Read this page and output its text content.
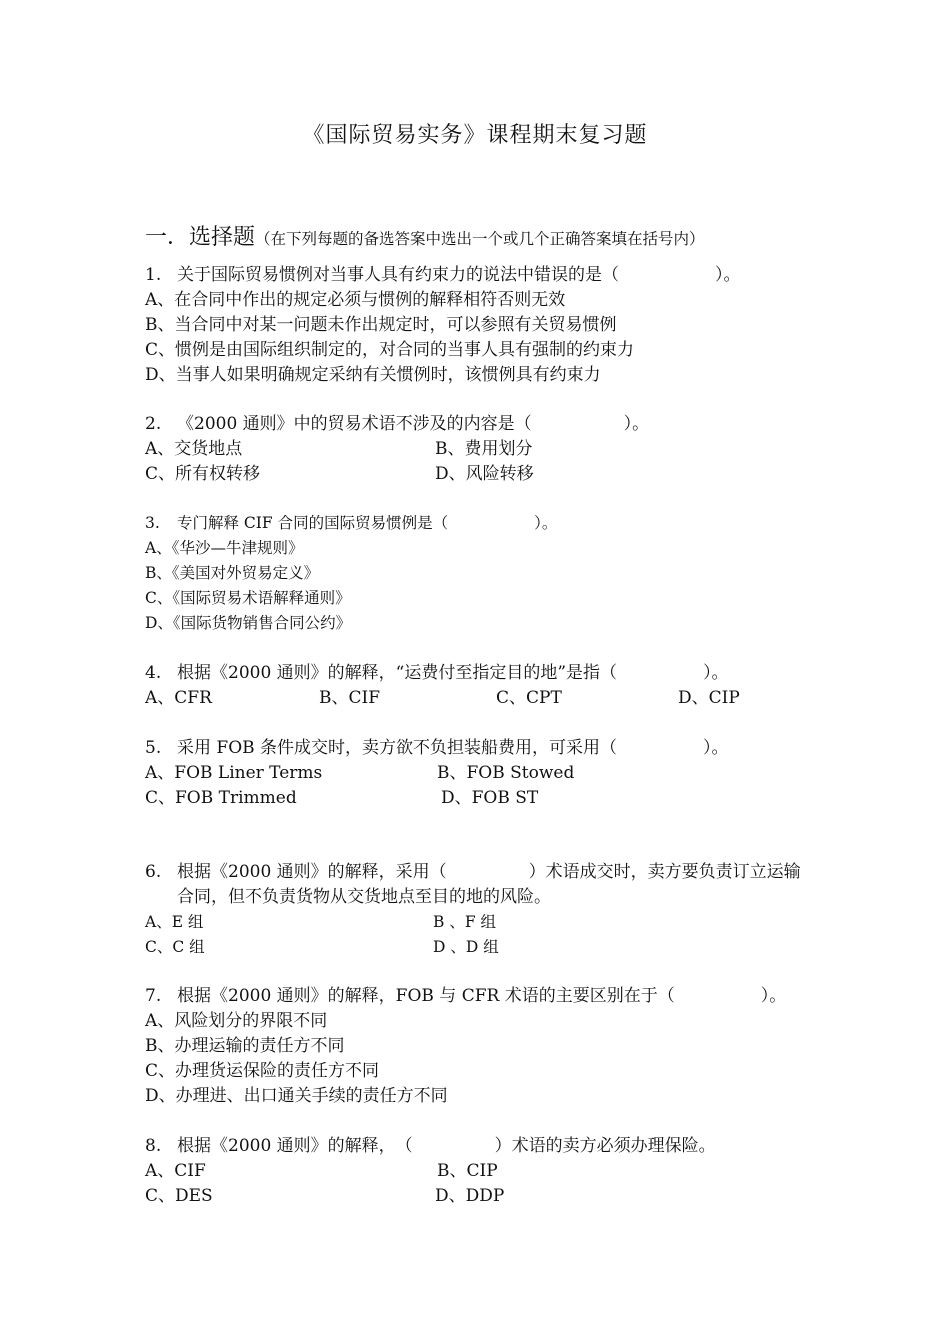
《国际贸易实务》课程期末复习题
一．选择题（在下列每题的备选答案中选出一个或几个正确答案填在括号内）
1. 关于国际贸易惯例对当事人具有约束力的说法中错误的是（	）。
A、在合同中作出的规定必须与惯例的解释相符否则无效
B、当合同中对某一问题未作出规定时，可以参照有关贸易惯例
C、惯例是由国际组织制定的，对合同的当事人具有强制的约束力
D、当事人如果明确规定采纳有关惯例时，该惯例具有约束力
2. 《2000 通则》中的贸易术语不涉及的内容是（	）。
A、交货地点	B、费用划分
C、所有权转移	D、风险转移
3. 专门解释 CIF 合同的国际贸易惯例是（	）。
A、《华沙—牛津规则》
B、《美国对外贸易定义》
C、《国际贸易术语解释通则》
D、《国际货物销售合同公约》
4. 根据《2000 通则》的解释，“运费付至指定目的地”是指（	）。
A、CFR	B、CIF	C、CPT	D、CIP
5. 采用 FOB 条件成交时，卖方欲不负担装船费用，可采用（	）。
A、FOB Liner Terms	B、FOB Stowed
C、FOB Trimmed	D、FOB ST
6. 根据《2000 通则》的解释，采用（	）术语成交时，卖方要负责订立运输合同，但不负责货物从交货地点至目的地的风险。
A、E 组	B 、F 组
C、C 组	D 、D 组
7. 根据《2000 通则》的解释，FOB 与 CFR 术语的主要区别在于（	）。
A、风险划分的界限不同
B、办理运输的责任方不同
C、办理货运保险的责任方不同
D、办理进、出口通关手续的责任方不同
8. 根据《2000 通则》的解释，　（	）术语的卖方必须办理保险。
A、CIF	B、CIP
C、DES	D、DDP
